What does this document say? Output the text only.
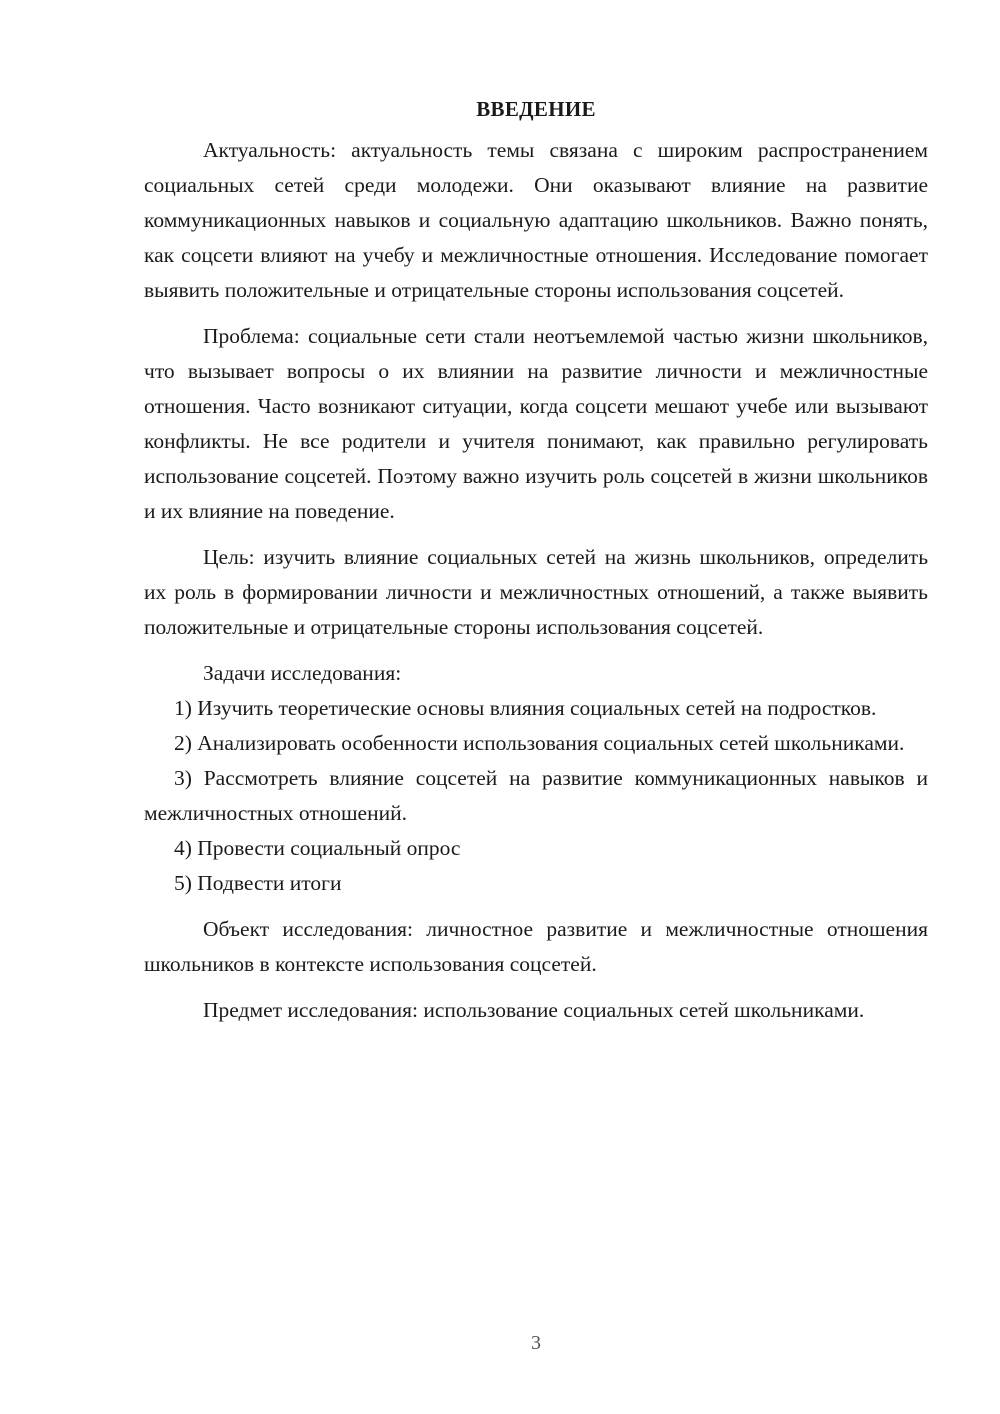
ВВЕДЕНИЕ

Актуальность: актуальность темы связана с широким распространением социальных сетей среди молодежи. Они оказывают влияние на развитие коммуникационных навыков и социальную адаптацию школьников. Важно понять, как соцсети влияют на учебу и межличностные отношения. Исследование помогает выявить положительные и отрицательные стороны использования соцсетей.

Проблема: социальные сети стали неотъемлемой частью жизни школьников, что вызывает вопросы о их влиянии на развитие личности и межличностные отношения. Часто возникают ситуации, когда соцсети мешают учебе или вызывают конфликты. Не все родители и учителя понимают, как правильно регулировать использование соцсетей. Поэтому важно изучить роль соцсетей в жизни школьников и их влияние на поведение.

Цель: изучить влияние социальных сетей на жизнь школьников, определить их роль в формировании личности и межличностных отношений, а также выявить положительные и отрицательные стороны использования соцсетей.

Задачи исследования:

1) Изучить теоретические основы влияния социальных сетей на подростков.

2) Анализировать особенности использования социальных сетей школьниками.

3) Рассмотреть влияние соцсетей на развитие коммуникационных навыков и межличностных отношений.

4) Провести социальный опрос

5) Подвести итоги

Объект исследования: личностное развитие и межличностные отношения школьников в контексте использования соцсетей.

Предмет исследования: использование социальных сетей школьниками.

3
